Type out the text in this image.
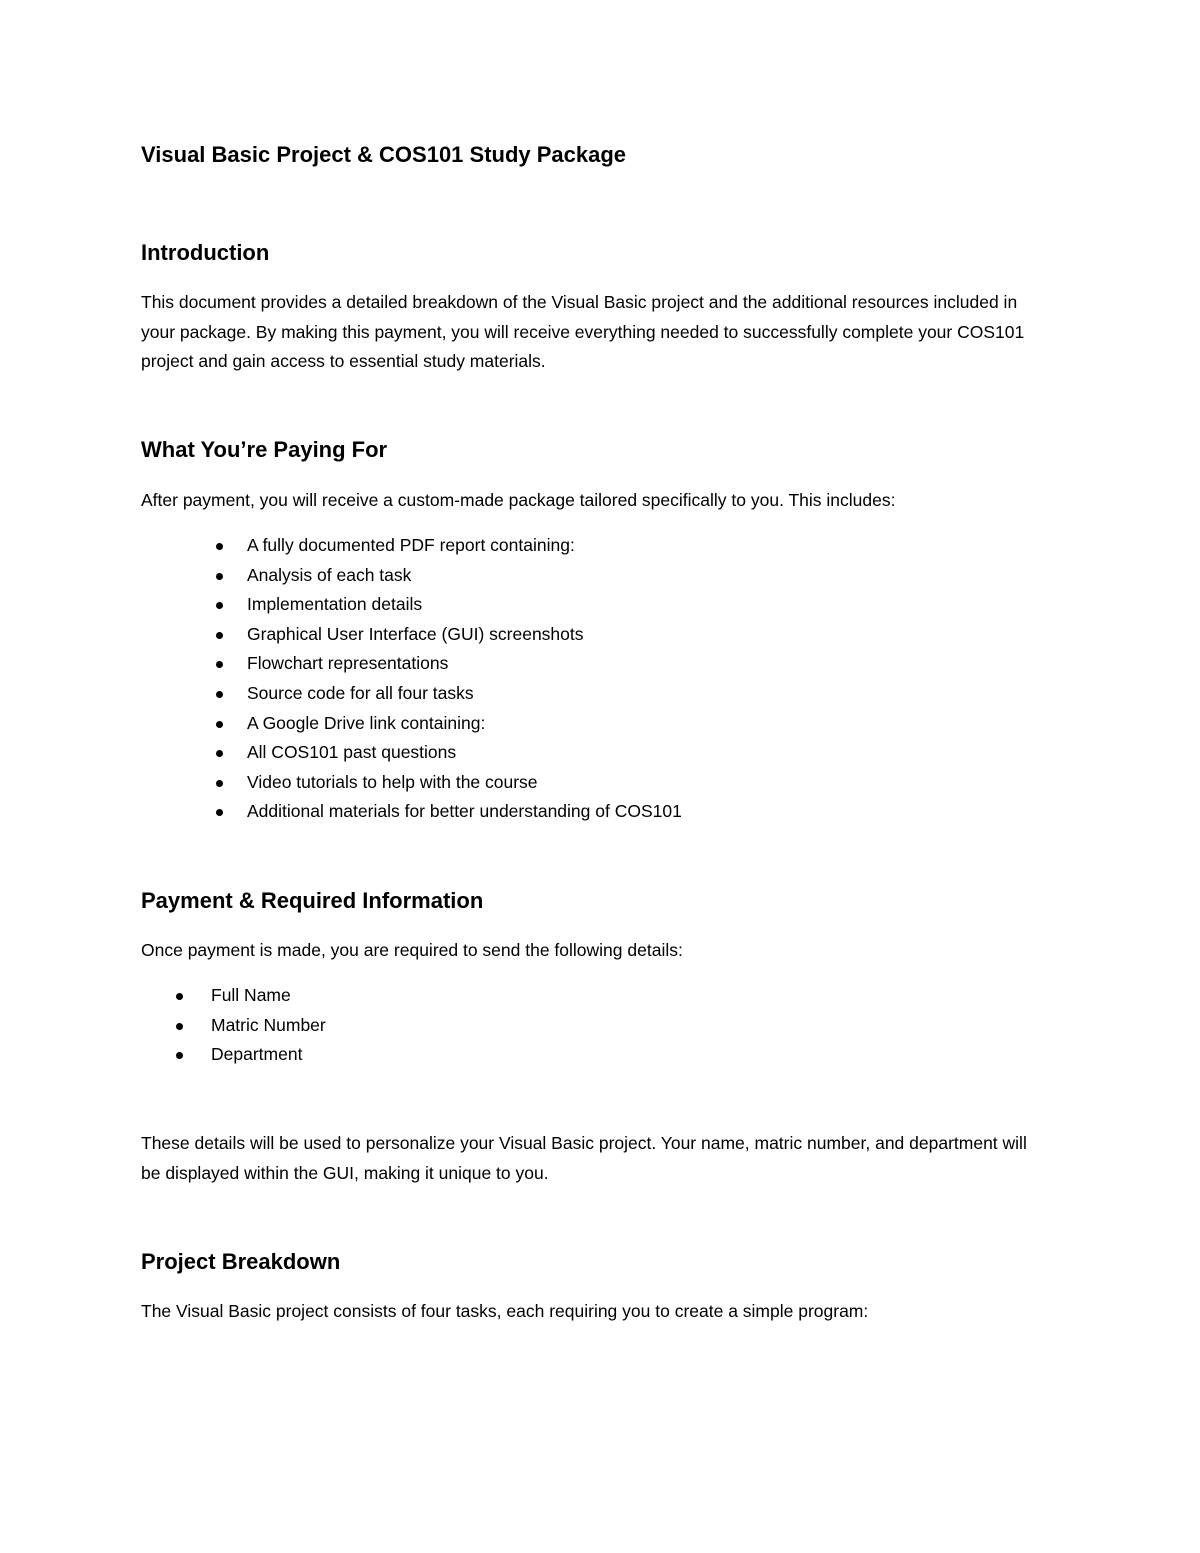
Visual Basic Project & COS101 Study Package
Introduction

This document provides a detailed breakdown of the Visual Basic project and the additional resources included in your package. By making this payment, you will receive everything needed to successfully complete your COS101 project and gain access to essential study materials.

What You’re Paying For

After payment, you will receive a custom-made package tailored specifically to you. This includes:

A fully documented PDF report containing:
Analysis of each task
Implementation details
Graphical User Interface (GUI) screenshots
Flowchart representations
Source code for all four tasks
A Google Drive link containing:
All COS101 past questions
Video tutorials to help with the course
Additional materials for better understanding of COS101
Payment & Required Information

Once payment is made, you are required to send the following details:

Full Name
Matric Number
Department

These details will be used to personalize your Visual Basic project. Your name, matric number, and department will be displayed within the GUI, making it unique to you.

Project Breakdown

The Visual Basic project consists of four tasks, each requiring you to create a simple program:
